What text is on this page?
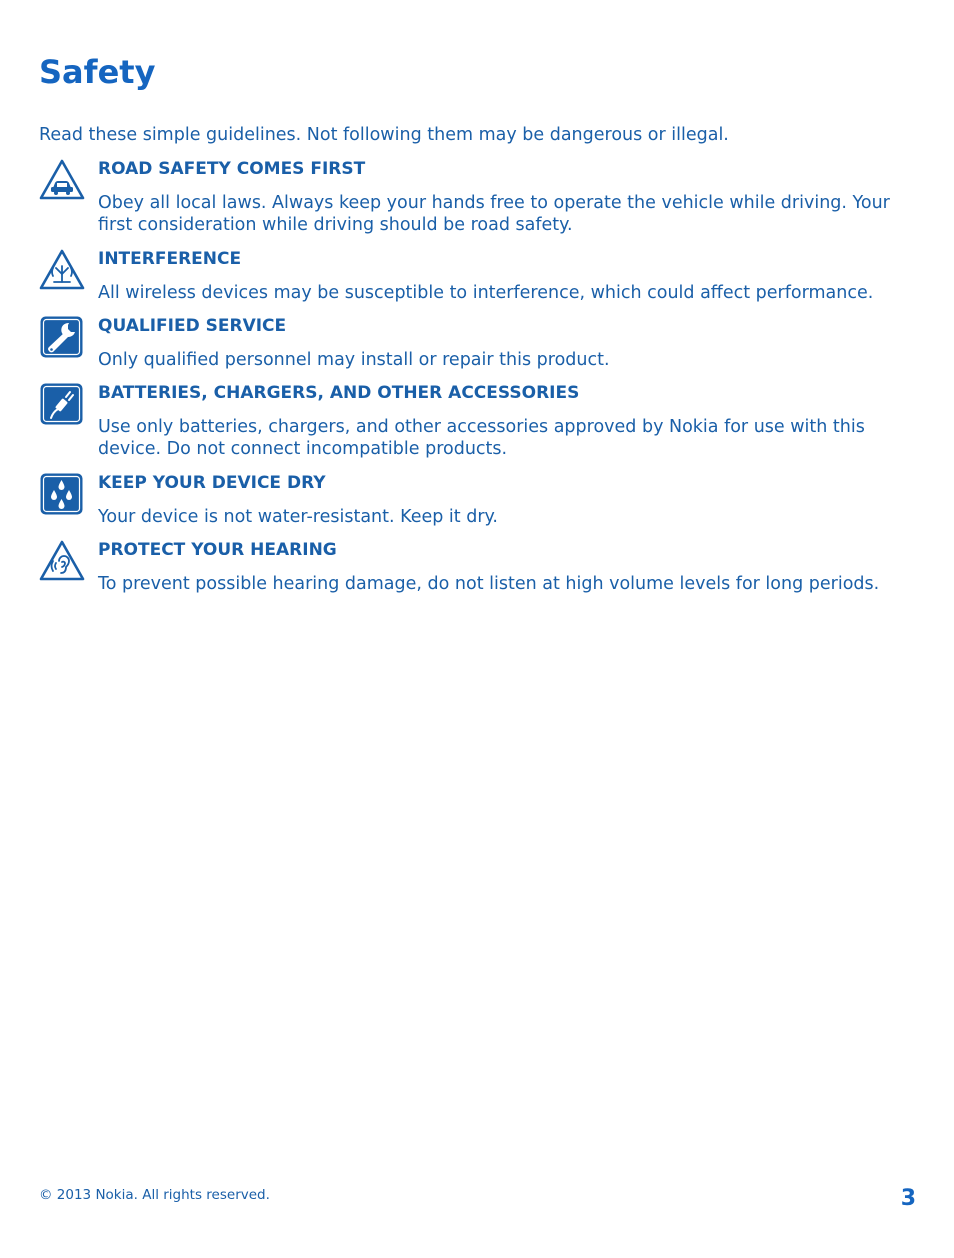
Safety
Read these simple guidelines. Not following them may be dangerous or illegal.
ROAD SAFETY COMES FIRST
Obey all local laws. Always keep your hands free to operate the vehicle while driving. Your first consideration while driving should be road safety.
INTERFERENCE
All wireless devices may be susceptible to interference, which could affect performance.
QUALIFIED SERVICE
Only qualified personnel may install or repair this product.
BATTERIES, CHARGERS, AND OTHER ACCESSORIES
Use only batteries, chargers, and other accessories approved by Nokia for use with this device. Do not connect incompatible products.
KEEP YOUR DEVICE DRY
Your device is not water-resistant. Keep it dry.
PROTECT YOUR HEARING
To prevent possible hearing damage, do not listen at high volume levels for long periods.
© 2013 Nokia. All rights reserved.	3
